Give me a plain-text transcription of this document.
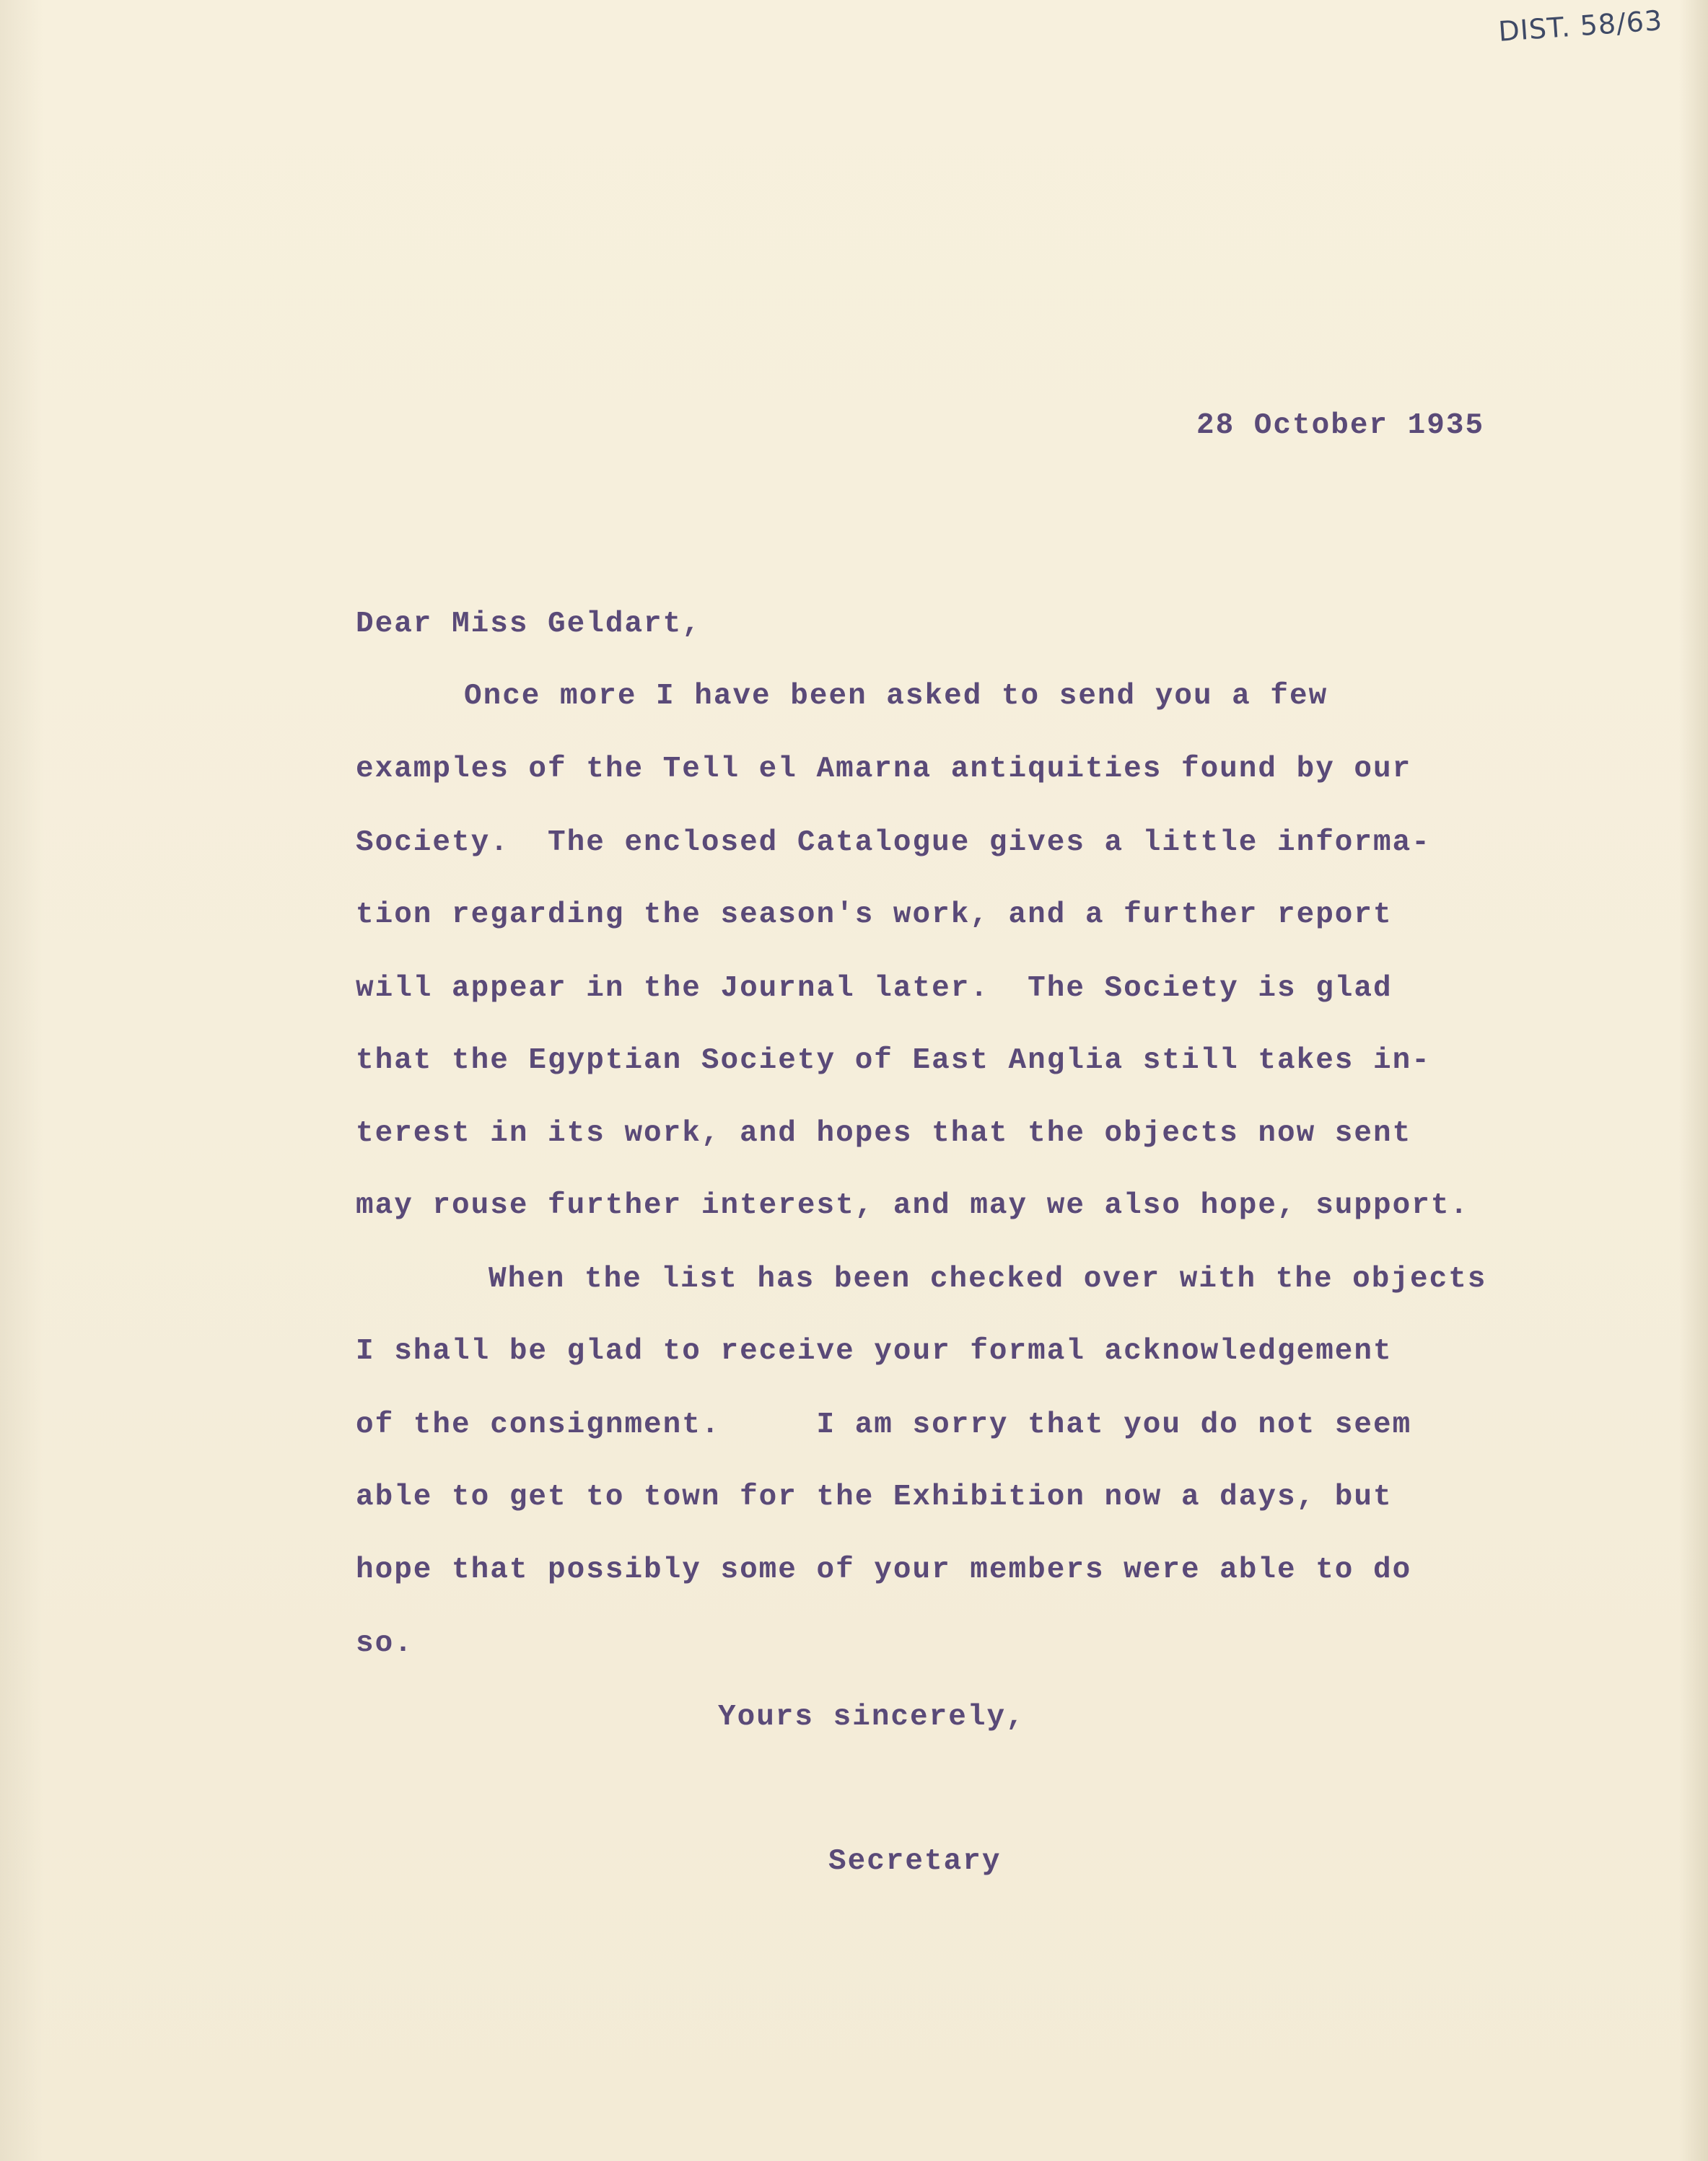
DIST. 58/63
28 October 1935
Dear Miss Geldart,
Once more I have been asked to send you a few
examples of the Tell el Amarna antiquities found by our
Society.  The enclosed Catalogue gives a little informa-
tion regarding the season's work, and a further report
will appear in the Journal later.  The Society is glad
that the Egyptian Society of East Anglia still takes in-
terest in its work, and hopes that the objects now sent
may rouse further interest, and may we also hope, support.
When the list has been checked over with the objects
I shall be glad to receive your formal acknowledgement
of the consignment.     I am sorry that you do not seem
able to get to town for the Exhibition now a days, but
hope that possibly some of your members were able to do
so.
Yours sincerely,
Secretary
